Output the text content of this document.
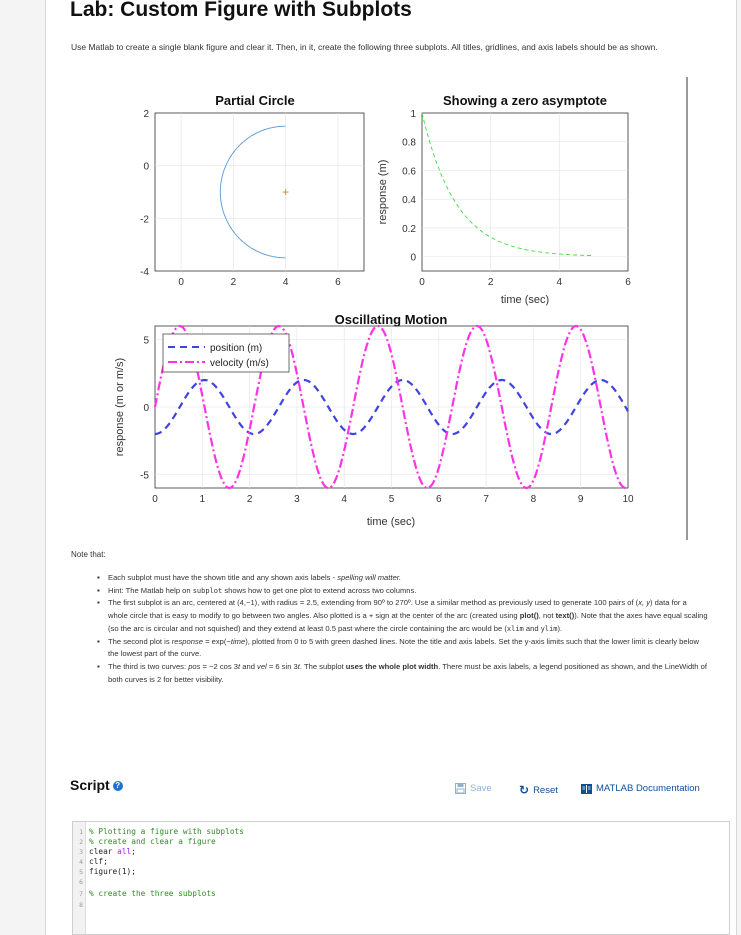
Lab: Custom Figure with Subplots
Use Matlab to create a single blank figure and clear it. Then, in it, create the following three subplots. All titles, gridlines, and axis labels should be as shown.
Partial Circle
0	2	4	6
-4
-2
0
2
+
Showing a zero asymptote
0	2	4	6
0
0.2
0.4
0.6
0.8
1
time (sec)
response (m)
Oscillating Motion
0	1	2	3	4	5	6	7	8	9	10
-5
0
5
time (sec)
response (m or m/s)
position (m)
velocity (m/s)
Note that:
▪ Each subplot must have the shown title and any shown axis labels - spelling will matter.
▪ Hint: The Matlab help on subplot shows how to get one plot to extend across two columns.
▪ The first subplot is an arc, centered at (4,−1), with radius = 2.5, extending from 90º to 270º. Use a similar method as previously used to generate 100 pairs of (x, y) data for a whole circle that is easy to modify to go between two angles. Also plotted is a + sign at the center of the arc (created using plot(), not text()). Note that the axes have equal scaling (so the arc is circular and not squished) and they extend at least 0.5 past where the circle containing the arc would be (xlim and ylim).
▪ The second plot is response = exp(−time), plotted from 0 to 5 with green dashed lines. Note the title and axis labels. Set the y-axis limits such that the lower limit is clearly below the lowest part of the curve.
▪ The third is two curves: pos = −2 cos 3t and vel = 6 sin 3t. The subplot uses the whole plot width. There must be axis labels, a legend positioned as shown, and the LineWidth of both curves is 2 for better visibility.
Script ?	Save ↻ Reset	MATLAB Documentation
1 % Plotting a figure with subplots
2 % create and clear a figure
3 clear all;
4 clf;
5 figure(1);
6
7 % create the three subplots
8
